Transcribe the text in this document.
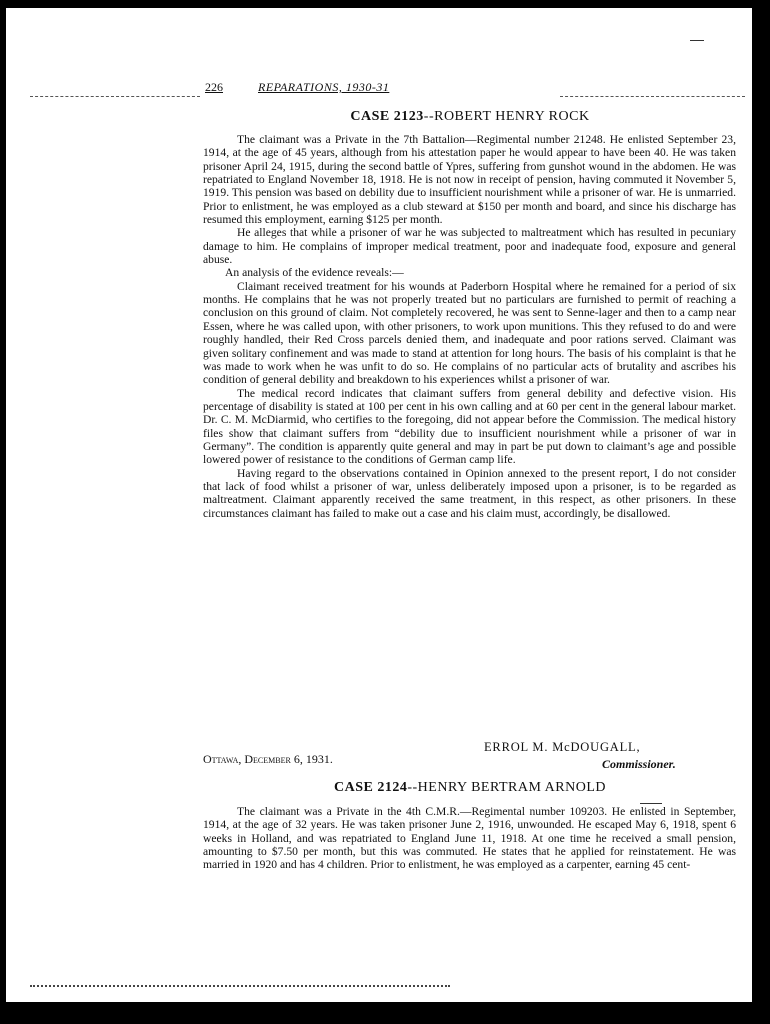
226	REPARATIONS, 1930-31
CASE 2123--ROBERT HENRY ROCK

The claimant was a Private in the 7th Battalion—Regimental number 21248. He enlisted September 23, 1914, at the age of 45 years, although from his attestation paper he would appear to have been 40. He was taken prisoner April 24, 1915, during the second battle of Ypres, suffering from gunshot wound in the abdomen. He was repatriated to England November 18, 1918. He is not now in receipt of pension, having commuted it November 5, 1919. This pension was based on debility due to insufficient nourishment while a prisoner of war. He is unmarried. Prior to enlistment, he was employed as a club steward at $150 per month and board, and since his discharge has resumed this employment, earning $125 per month.

He alleges that while a prisoner of war he was subjected to maltreatment which has resulted in pecuniary damage to him. He complains of improper medical treatment, poor and inadequate food, exposure and general abuse.

An analysis of the evidence reveals:—

Claimant received treatment for his wounds at Paderborn Hospital where he remained for a period of six months. He complains that he was not properly treated but no particulars are furnished to permit of reaching a conclusion on this ground of claim. Not completely recovered, he was sent to Senne-lager and then to a camp near Essen, where he was called upon, with other prisoners, to work upon munitions. This they refused to do and were roughly handled, their Red Cross parcels denied them, and inadequate and poor rations served. Claimant was given solitary confinement and was made to stand at attention for long hours. The basis of his complaint is that he was made to work when he was unfit to do so. He complains of no particular acts of brutality and ascribes his condition of general debility and breakdown to his experiences whilst a prisoner of war.

The medical record indicates that claimant suffers from general debility and defective vision. His percentage of disability is stated at 100 per cent in his own calling and at 60 per cent in the general labour market. Dr. C. M. McDiarmid, who certifies to the foregoing, did not appear before the Commission. The medical history files show that claimant suffers from “debility due to insufficient nourishment while a prisoner of war in Germany”. The condition is apparently quite general and may in part be put down to claimant’s age and possible lowered power of resistance to the conditions of German camp life.

Having regard to the observations contained in Opinion annexed to the present report, I do not consider that lack of food whilst a prisoner of war, unless deliberately imposed upon a prisoner, is to be regarded as maltreatment. Claimant apparently received the same treatment, in this respect, as other prisoners. In these circumstances claimant has failed to make out a case and his claim must, accordingly, be disallowed.

Ottawa, December 6, 1931.
ERROL M. McDOUGALL,
Commissioner.
CASE 2124--HENRY BERTRAM ARNOLD

The claimant was a Private in the 4th C.M.R.—Regimental number 109203. He enlisted in September, 1914, at the age of 32 years. He was taken prisoner June 2, 1916, unwounded. He escaped May 6, 1918, spent 6 weeks in Holland, and was repatriated to England June 11, 1918. At one time he received a small pension, amounting to $7.50 per month, but this was commuted. He states that he applied for reinstatement. He was married in 1920 and has 4 children. Prior to enlistment, he was employed as a carpenter, earning 45 cent-
